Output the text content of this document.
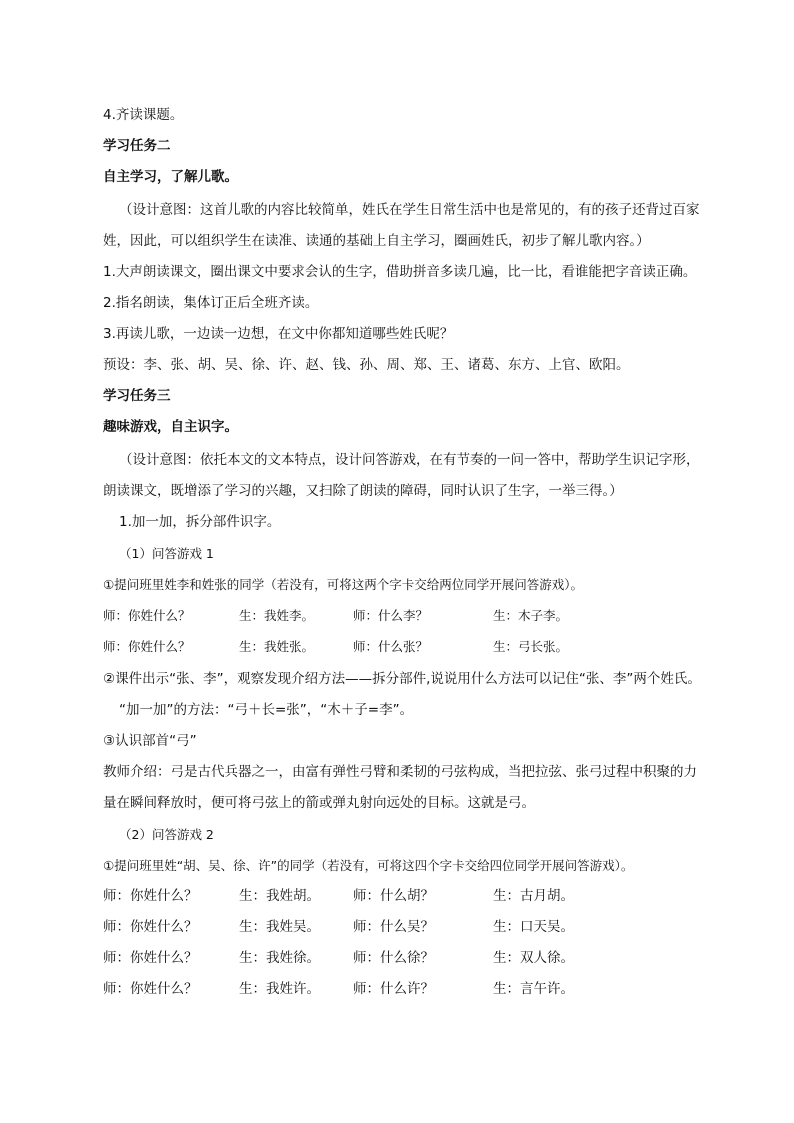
4.齐读课题。
学习任务二
自主学习，了解儿歌。
（设计意图：这首儿歌的内容比较简单，姓氏在学生日常生活中也是常见的，有的孩子还背过百家姓，因此，可以组织学生在读准、读通的基础上自主学习，圈画姓氏，初步了解儿歌内容。）
1.大声朗读课文，圈出课文中要求会认的生字，借助拼音多读几遍，比一比，看谁能把字音读正确。
2.指名朗读，集体订正后全班齐读。
3.再读儿歌，一边读一边想，在文中你都知道哪些姓氏呢？
预设：李、张、胡、吴、徐、许、赵、钱、孙、周、郑、王、诸葛、东方、上官、欧阳。
学习任务三
趣味游戏，自主识字。
（设计意图：依托本文的文本特点，设计问答游戏，在有节奏的一问一答中，帮助学生识记字形，朗读课文，既增添了学习的兴趣，又扫除了朗读的障碍，同时认识了生字，一举三得。）
1.加一加，拆分部件识字。
（1）问答游戏 1
①提问班里姓李和姓张的同学（若没有，可将这两个字卡交给两位同学开展问答游戏）。
师：你姓什么？	生：我姓李。	师：什么李？	生：木子李。
师：你姓什么？	生：我姓张。	师：什么张？	生：弓长张。
②课件出示“张、李”，观察发现介绍方法——拆分部件,说说用什么方法可以记住“张、李”两个姓氏。
“加一加”的方法：“弓＋长=张”，“木＋子=李”。
③认识部首“弓”
教师介绍：弓是古代兵器之一，由富有弹性弓臂和柔韧的弓弦构成，当把拉弦、张弓过程中积聚的力量在瞬间释放时，便可将弓弦上的箭或弹丸射向远处的目标。这就是弓。
（2）问答游戏 2
①提问班里姓“胡、吴、徐、许”的同学（若没有，可将这四个字卡交给四位同学开展问答游戏）。
师：你姓什么？	生：我姓胡。	师：什么胡？	生：古月胡。
师：你姓什么？	生：我姓吴。	师：什么吴？	生：口天吴。
师：你姓什么？	生：我姓徐。	师：什么徐？	生：双人徐。
师：你姓什么？	生：我姓许。	师：什么许？	生：言午许。
